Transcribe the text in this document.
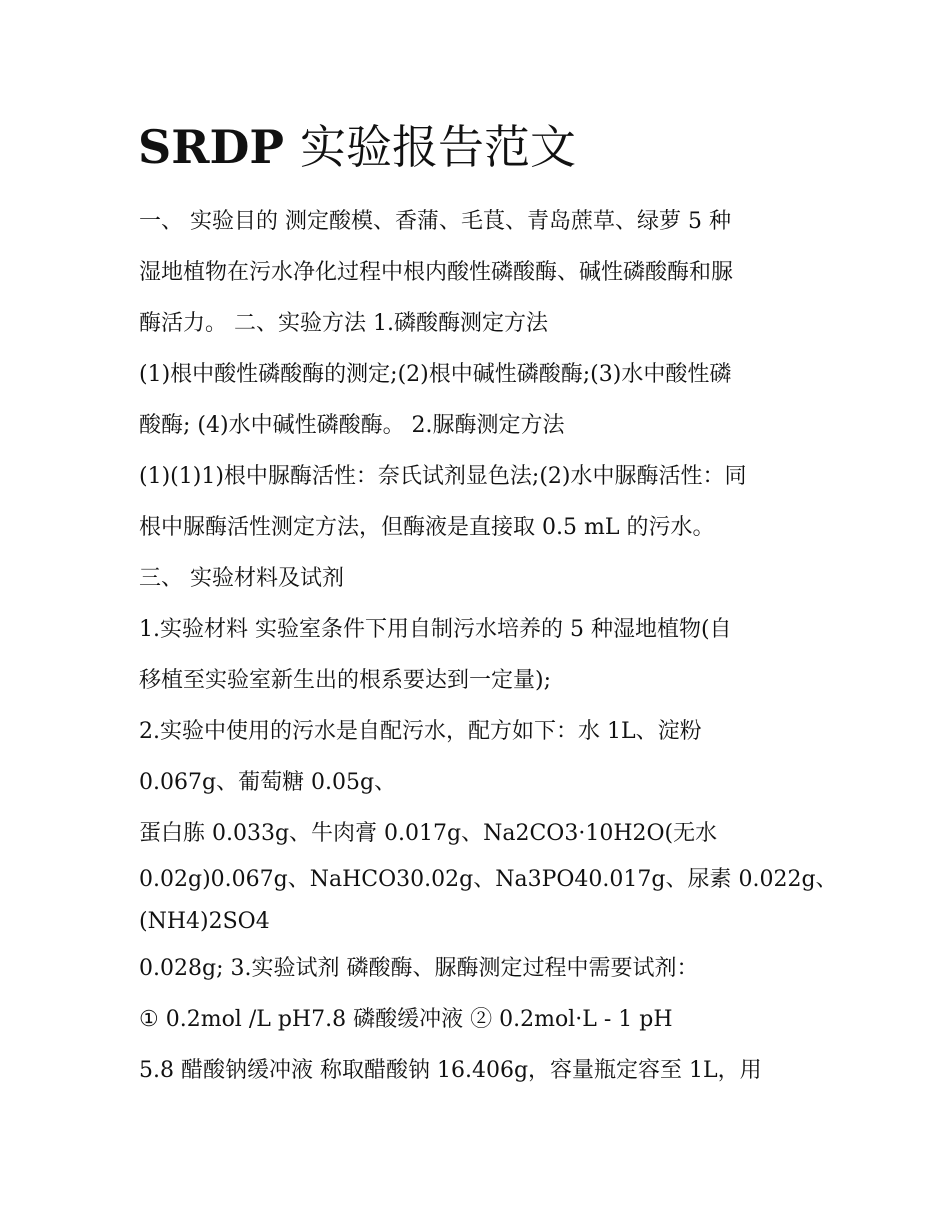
SRDP 实验报告范文
一、 实验目的 测定酸模、香蒲、毛茛、青岛蔗草、绿萝 5 种
湿地植物在污水净化过程中根内酸性磷酸酶、碱性磷酸酶和脲
酶活力。 二、实验方法 1.磷酸酶测定方法
(1)根中酸性磷酸酶的测定;(2)根中碱性磷酸酶;(3)水中酸性磷
酸酶; (4)水中碱性磷酸酶。 2.脲酶测定方法
(1)(1)1)根中脲酶活性：奈氏试剂显色法;(2)水中脲酶活性：同
根中脲酶活性测定方法，但酶液是直接取 0.5 mL 的污水。
三、 实验材料及试剂
1.实验材料 实验室条件下用自制污水培养的 5 种湿地植物(自
移植至实验室新生出的根系要达到一定量);
2.实验中使用的污水是自配污水，配方如下：水 1L、淀粉
0.067g、葡萄糖 0.05g、
蛋白胨 0.033g、牛肉膏 0.017g、Na2CO3·10H2O(无水
0.02g)0.067g、NaHCO30.02g、Na3PO40.017g、尿素 0.022g、
(NH4)2SO4
0.028g; 3.实验试剂 磷酸酶、脲酶测定过程中需要试剂：
① 0.2mol /L pH7.8 磷酸缓冲液 ② 0.2mol·L - 1 pH
5.8 醋酸钠缓冲液 称取醋酸钠 16.406g，容量瓶定容至 1L，用
